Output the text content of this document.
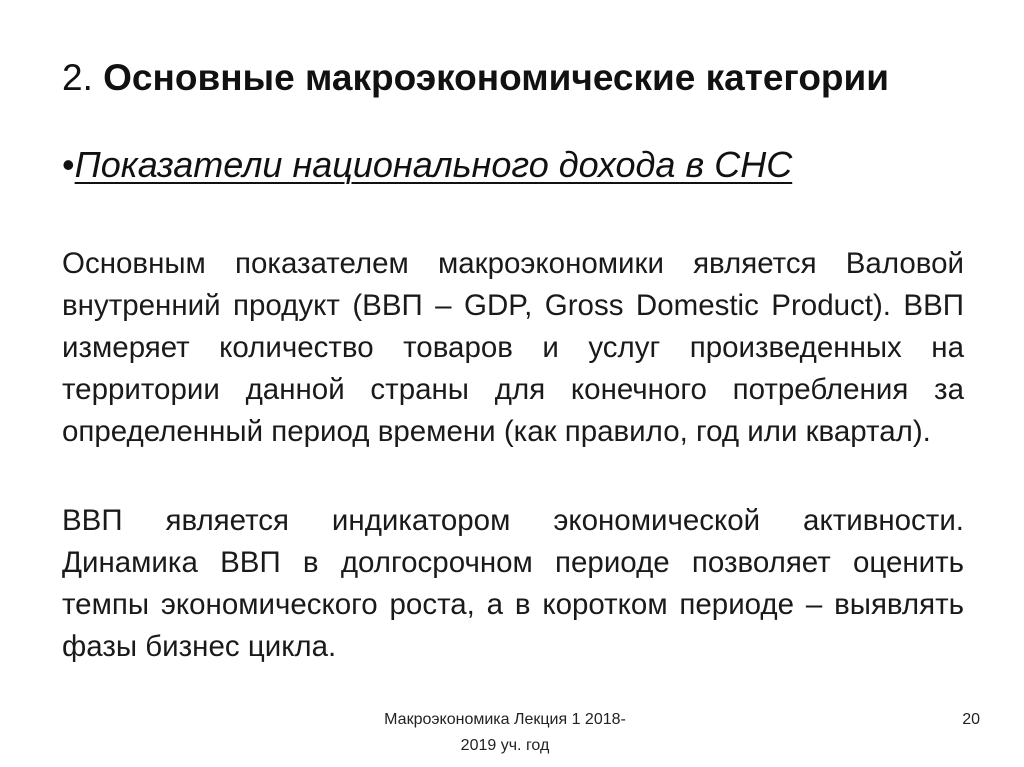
2. Основные макроэкономические категории
•Показатели национального дохода в СНС
Основным показателем макроэкономики является Валовой внутренний продукт (ВВП – GDP, Gross Domestic Product). ВВП измеряет количество товаров и услуг произведенных на территории данной страны для конечного потребления за определенный период времени (как правило, год или квартал).
ВВП является индикатором экономической активности. Динамика ВВП в долгосрочном периоде позволяет оценить темпы экономического роста, а в коротком периоде – выявлять фазы бизнес цикла.
Макроэкономика Лекция 1 2018-
2019 уч. год
20
